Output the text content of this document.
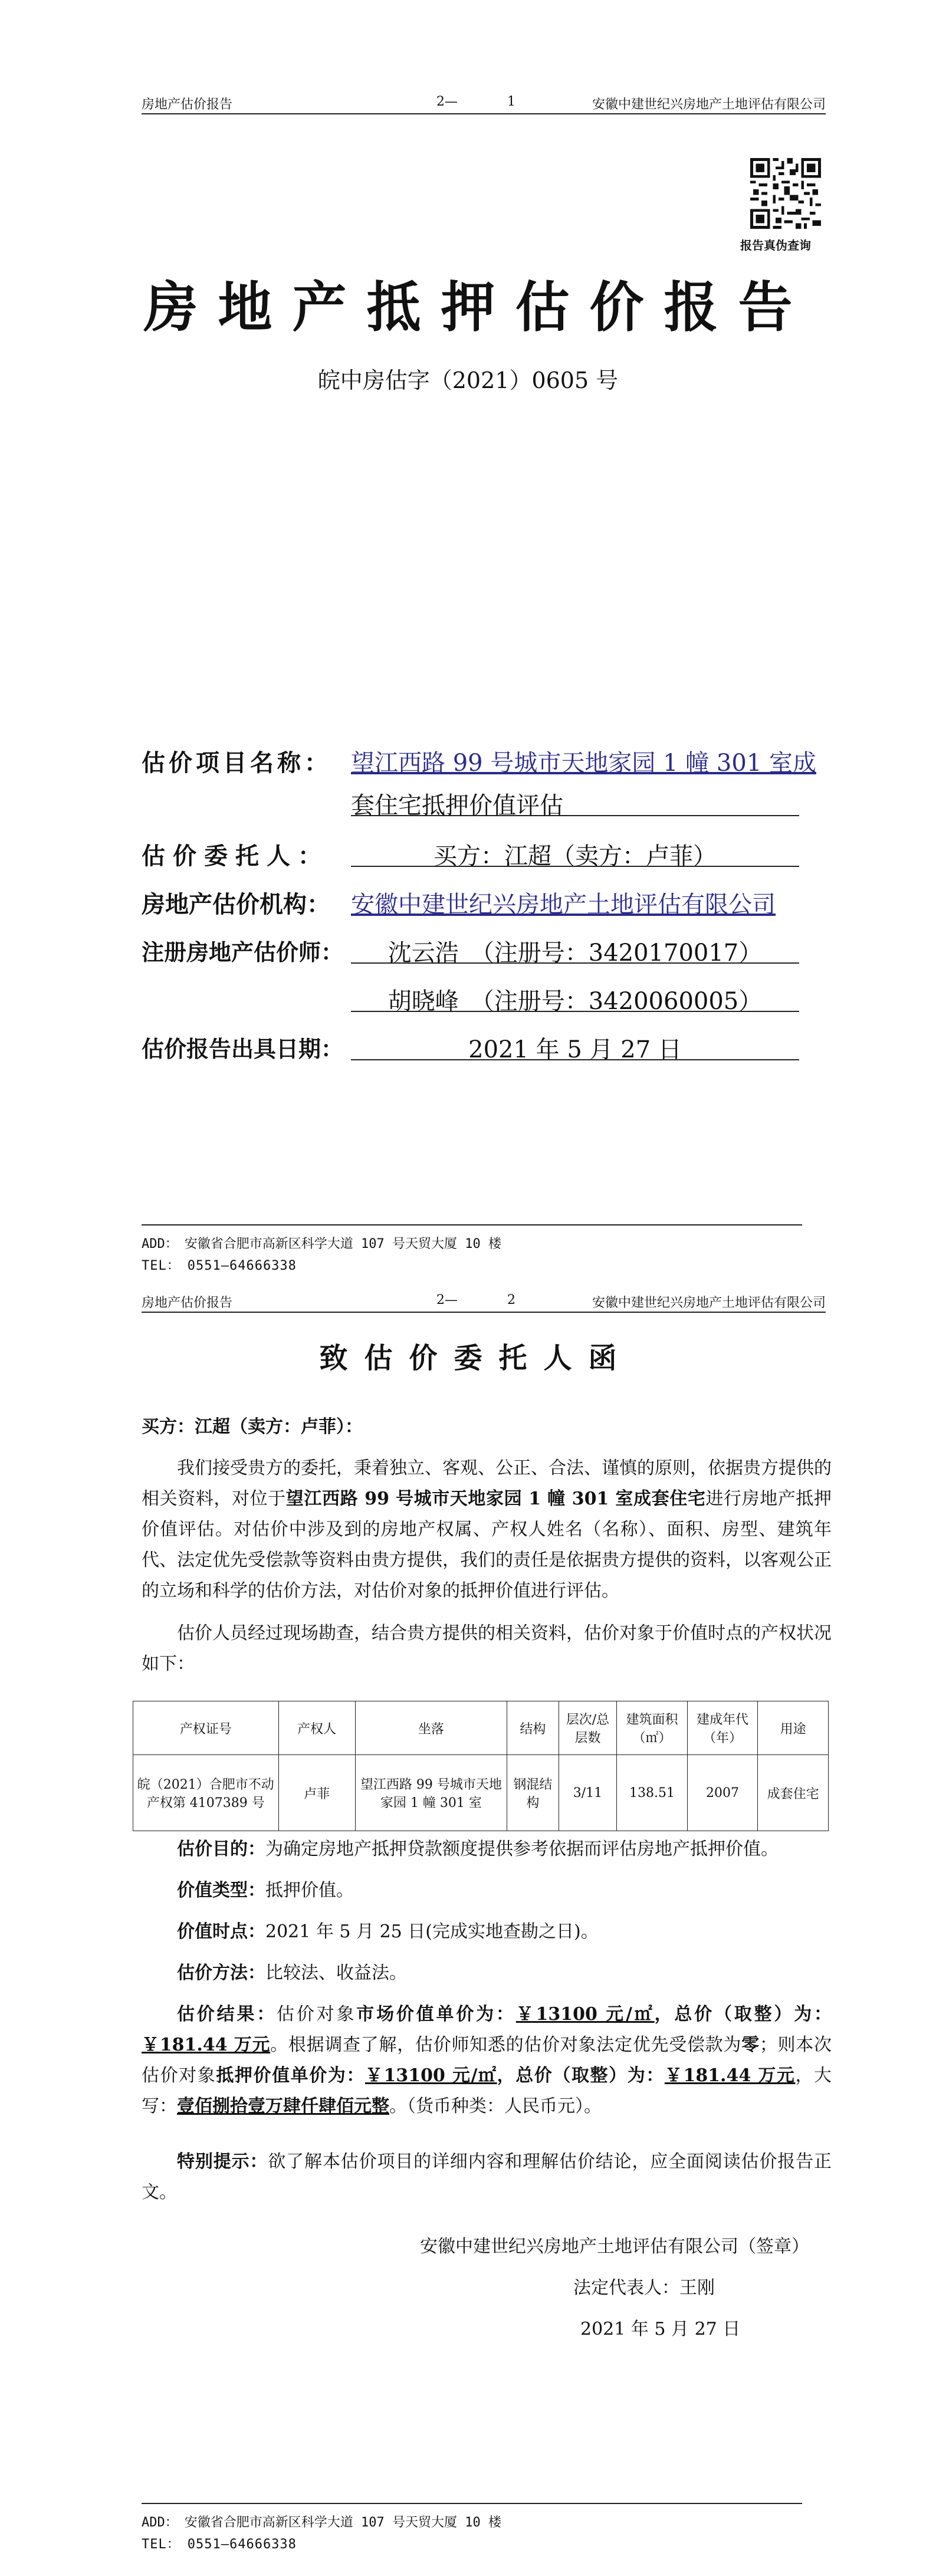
房地产估价报告	2—	1	安徽中建世纪兴房地产土地评估有限公司
报告真伪查询
房地产抵押估价报告
皖中房估字（2021）0605 号
估价项目名称： 望江西路 99 号城市天地家园 1 幢 301 室成
套住宅抵押价值评估
估价委托人：	买方：江超（卖方：卢菲）
房地产估价机构： 安徽中建世纪兴房地产土地评估有限公司
注册房地产估价师：	沈云浩　（注册号：3420170017）
胡晓峰　（注册号：3420060005）
估价报告出具日期：	2021 年 5 月 27 日
ADD：　安徽省合肥市高新区科学大道 107 号天贸大厦 10 楼
TEL：　0551—64666338
房地产估价报告	2—	2	安徽中建世纪兴房地产土地评估有限公司
致估价委托人函
买方：江超（卖方：卢菲）：
我们接受贵方的委托，秉着独立、客观、公正、合法、谨慎的原则，依据贵方提供的相关资料，对位于望江西路 99 号城市天地家园 1 幢 301 室成套住宅进行房地产抵押价值评估。对估价中涉及到的房地产权属、产权人姓名（名称）、面积、房型、建筑年代、法定优先受偿款等资料由贵方提供，我们的责任是依据贵方提供的资料，以客观公正的立场和科学的估价方法，对估价对象的抵押价值进行评估。
估价人员经过现场勘查，结合贵方提供的相关资料，估价对象于价值时点的产权状况如下：
产权证号	产权人	坐落	结构	层次/总层数	建筑面积（㎡）	建成年代（年）	用途
皖（2021）合肥市不动产权第 4107389 号	卢菲	望江西路 99 号城市天地家园 1 幢 301 室	钢混结构	3/11	138.51	2007	成套住宅
估价目的：为确定房地产抵押贷款额度提供参考依据而评估房地产抵押价值。
价值类型：抵押价值。
价值时点：2021 年 5 月 25 日(完成实地查勘之日)。
估价方法：比较法、收益法。
估价结果：估价对象市场价值单价为：￥13100 元/㎡，总价（取整）为：￥181.44 万元。根据调查了解，估价师知悉的估价对象法定优先受偿款为零；则本次估价对象抵押价值单价为：￥13100 元/㎡，总价（取整）为：￥181.44 万元，大写：壹佰捌拾壹万肆仟肆佰元整。（货币种类：人民币元）。
特别提示：欲了解本估价项目的详细内容和理解估价结论，应全面阅读估价报告正文。
安徽中建世纪兴房地产土地评估有限公司（签章）
法定代表人：王刚
2021 年 5 月 27 日
ADD：　安徽省合肥市高新区科学大道 107 号天贸大厦 10 楼
TEL：　0551—64666338
